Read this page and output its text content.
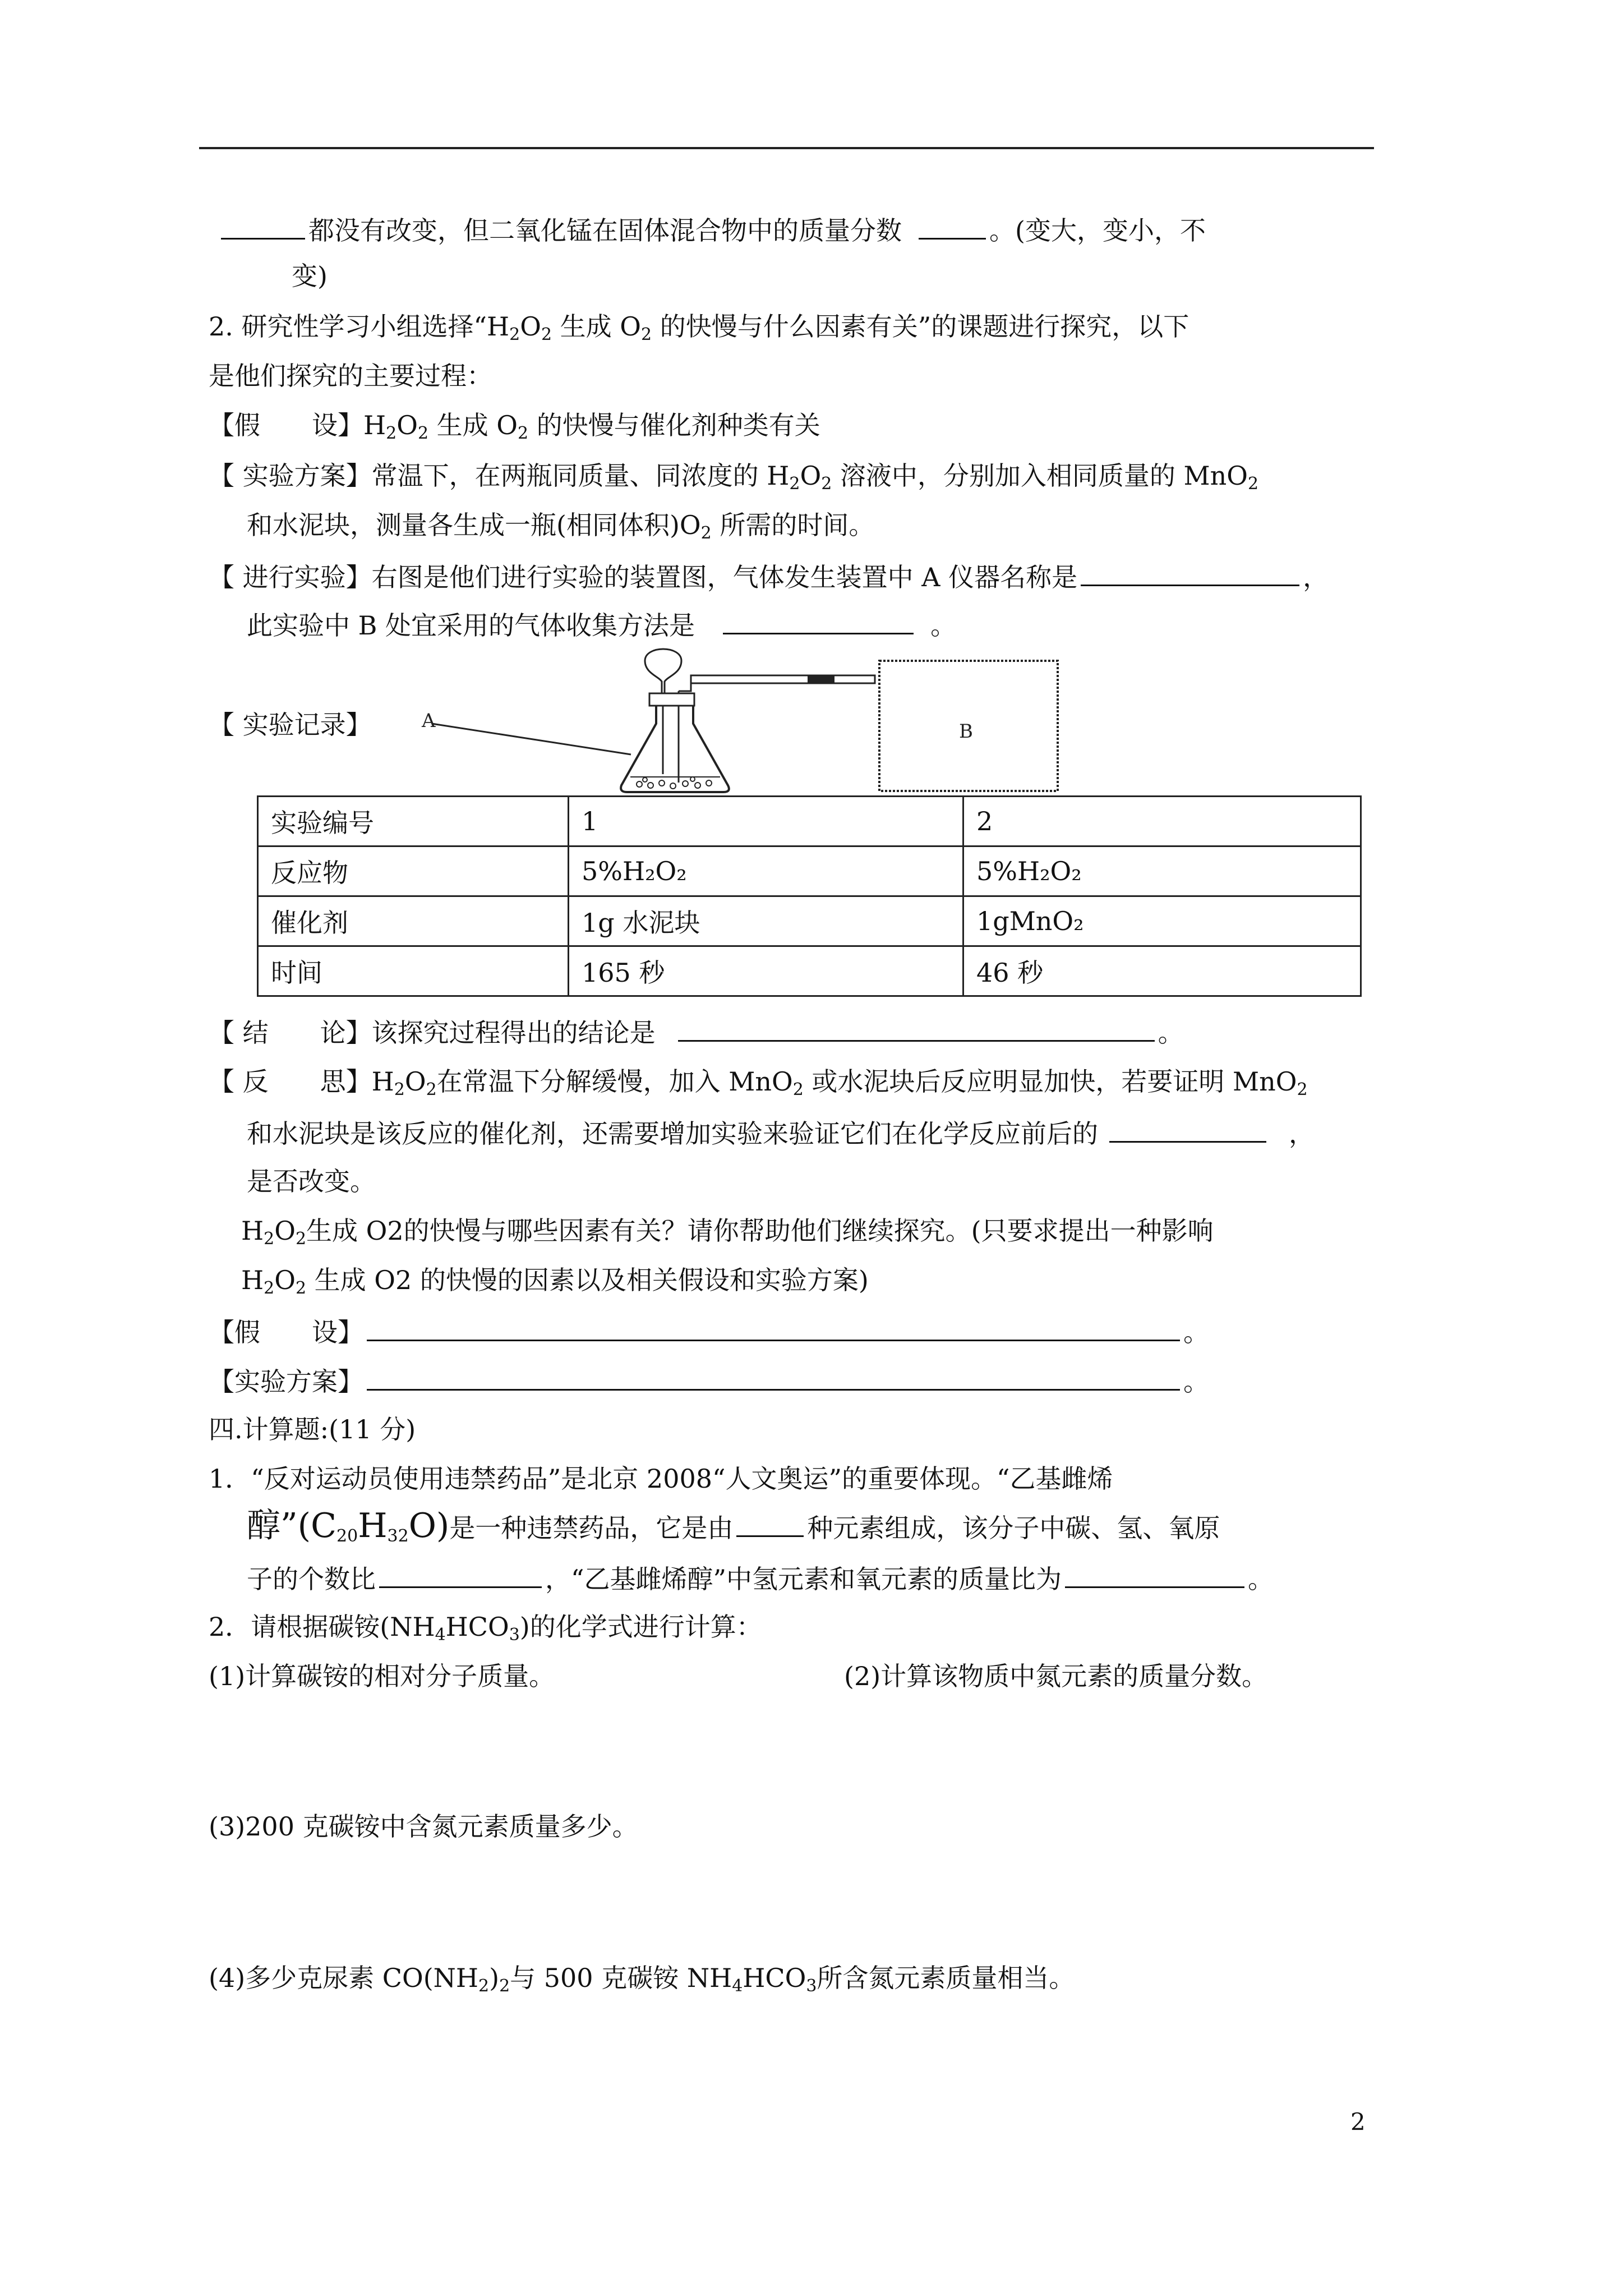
都没有改变，但二氧化锰在固体混合物中的质量分数	。(变大，变小，不
变)
2. 研究性学习小组选择“$H_2O_2$ 生成 $O_2$ 的快慢与什么因素有关”的课题进行探究，以下
是他们探究的主要过程：
【假　　设】$H_2O_2$ 生成 $O_2$ 的快慢与催化剂种类有关
【 实验方案】常温下，在两瓶同质量、同浓度的 $H_2O_2$ 溶液中，分别加入相同质量的 MnO$_2$
和水泥块，测量各生成一瓶(相同体积)$O_2$ 所需的时间。
【 进行实验】右图是他们进行实验的装置图，气体发生装置中 A 仪器名称是	，
此实验中 B 处宜采用的气体收集方法是	。
A	B
【 实验记录】
实验编号	1	2
反应物	5%H₂O₂	5%H₂O₂
催化剂	1g 水泥块	1gMnO₂
时间	165 秒	46 秒
【 结　　论】该探究过程得出的结论是	。
【 反　　思】$H_2O_2$在常温下分解缓慢，加入 MnO$_2$ 或水泥块后反应明显加快，若要证明 MnO$_2$
和水泥块是该反应的催化剂，还需要增加实验来验证它们在化学反应前后的	，
是否改变。
$H_2O_2$生成 O2的快慢与哪些因素有关？请你帮助他们继续探究。(只要求提出一种影响
$H_2O_2$ 生成 O2 的快慢的因素以及相关假设和实验方案)
【假　　设】	。
【实验方案】	。
四.计算题:(11 分)
1．“反对运动员使用违禁药品”是北京 2008“人文奥运”的重要体现。“乙基雌烯
醇$”(C_{20}H_{32}O)$是一种违禁药品，它是由	种元素组成，该分子中碳、氢、氧原
子的个数比	，“乙基雌烯醇”中氢元素和氧元素的质量比为	。
2．请根据碳铵$(NH_4HCO_3)$的化学式进行计算：
(1)计算碳铵的相对分子质量。	(2)计算该物质中氮元素的质量分数。
(3)200 克碳铵中含氮元素质量多少。
(4)多少克尿素 $CO(NH_2)_2$与 500 克碳铵 $NH_4HCO_3$所含氮元素质量相当。
2
